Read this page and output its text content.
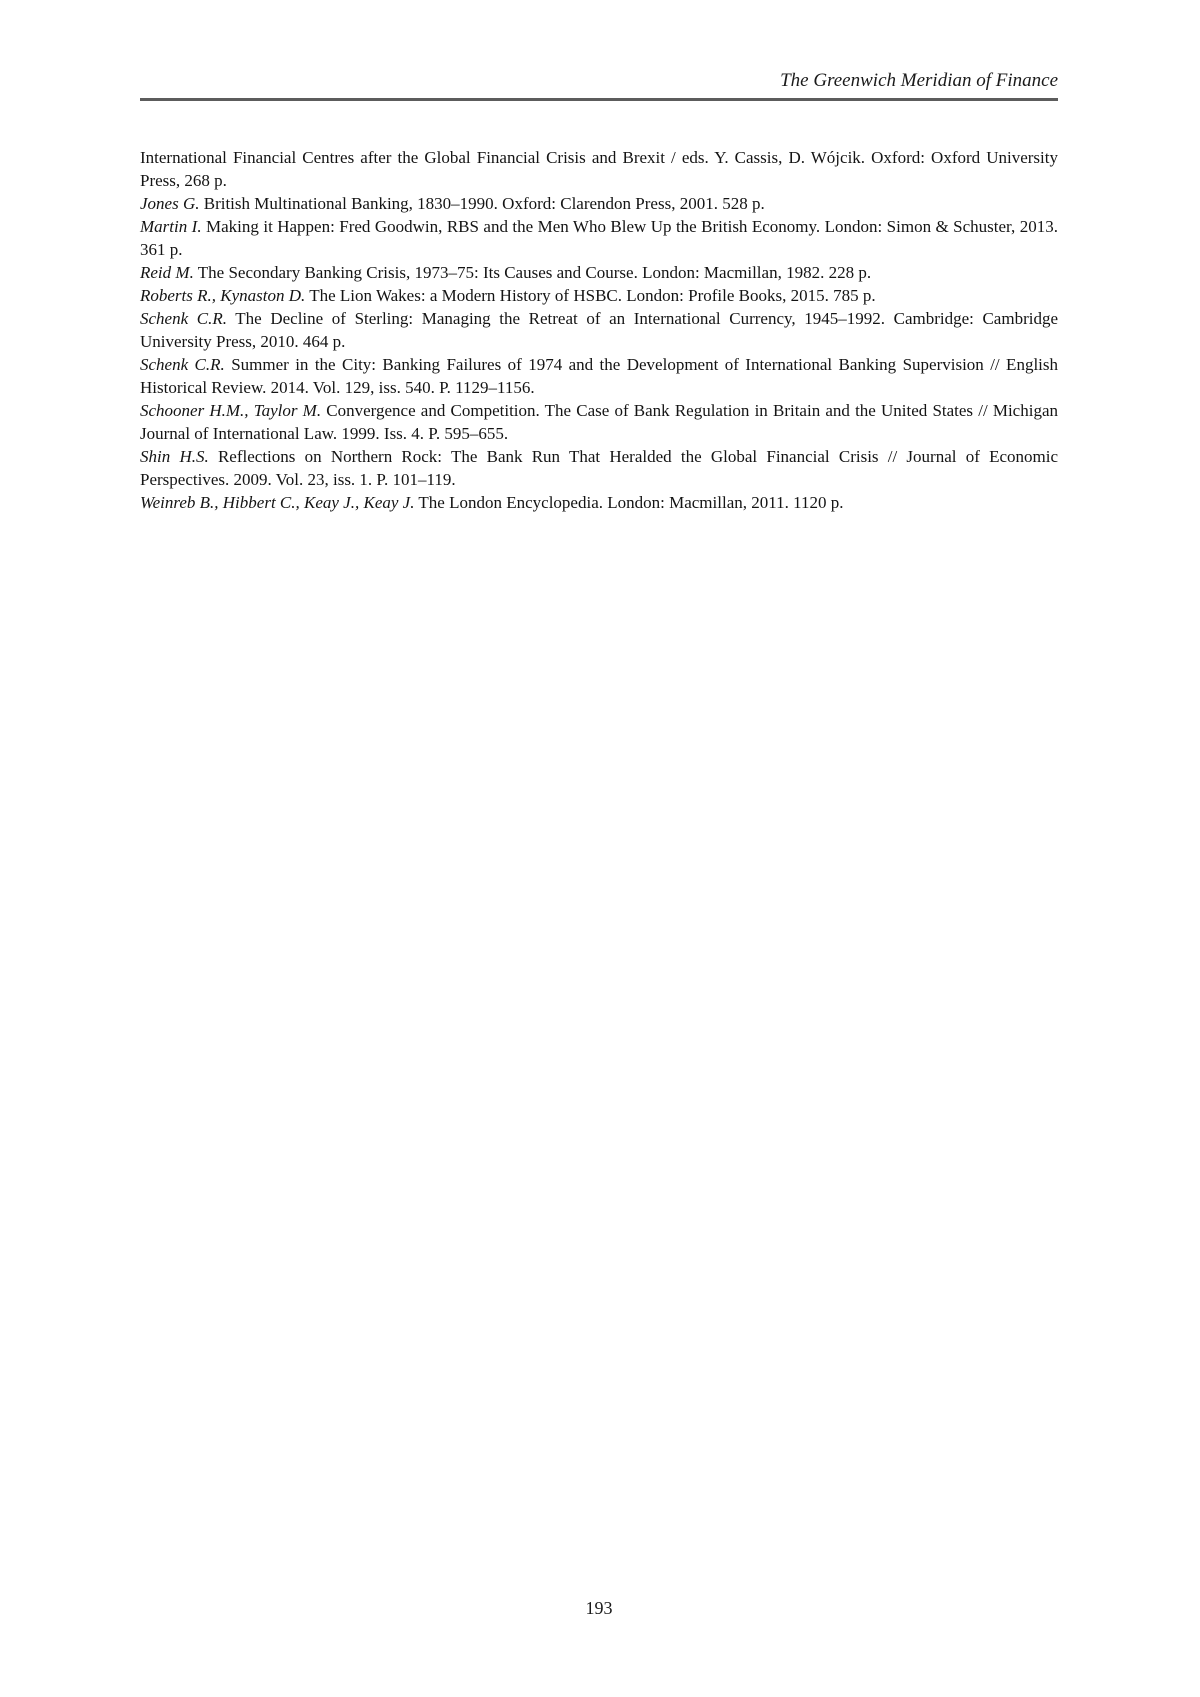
The Greenwich Meridian of Finance

International Financial Centres after the Global Financial Crisis and Brexit / eds. Y. Cassis, D. Wójcik. Oxford: Oxford University Press, 268 p.

Jones G. British Multinational Banking, 1830–1990. Oxford: Clarendon Press, 2001. 528 p.

Martin I. Making it Happen: Fred Goodwin, RBS and the Men Who Blew Up the British Economy. London: Simon & Schuster, 2013. 361 p.

Reid M. The Secondary Banking Crisis, 1973–75: Its Causes and Course. London: Macmillan, 1982. 228 p.

Roberts R., Kynaston D. The Lion Wakes: a Modern History of HSBC. London: Profile Books, 2015. 785 p.

Schenk C.R. The Decline of Sterling: Managing the Retreat of an International Currency, 1945–1992. Cambridge: Cambridge University Press, 2010. 464 p.

Schenk C.R. Summer in the City: Banking Failures of 1974 and the Development of International Banking Supervision // English Historical Review. 2014. Vol. 129, iss. 540. P. 1129–1156.

Schooner H.M., Taylor M. Convergence and Competition. The Case of Bank Regulation in Britain and the United States // Michigan Journal of International Law. 1999. Iss. 4. P. 595–655.

Shin H.S. Reflections on Northern Rock: The Bank Run That Heralded the Global Financial Crisis // Journal of Economic Perspectives. 2009. Vol. 23, iss. 1. P. 101–119.

Weinreb B., Hibbert C., Keay J., Keay J. The London Encyclopedia. London: Macmillan, 2011. 1120 p.

193
